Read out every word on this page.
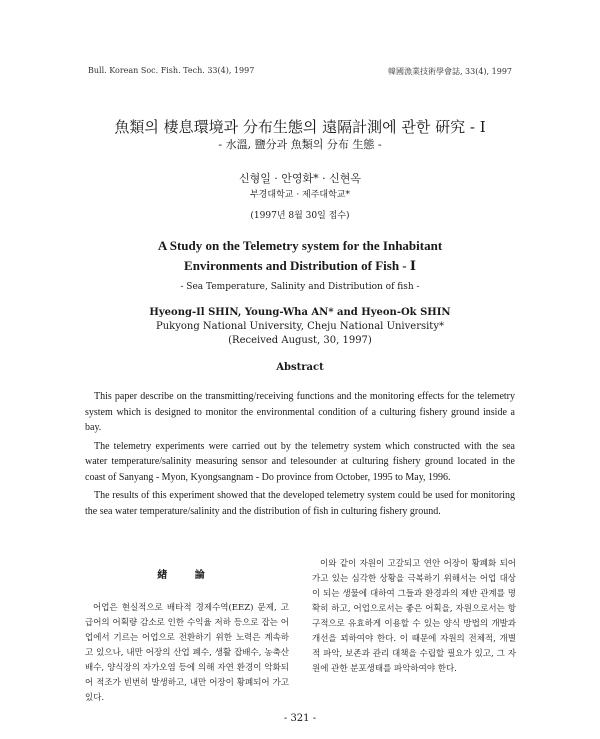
Bull. Korean Soc. Fish. Tech. 33(4), 1997	韓國漁業技術學會誌, 33(4), 1997
魚類의 棲息環境과 分布生態의 遠隔計測에 관한 硏究 - Ⅰ
- 水溫, 鹽分과 魚類의 分布 生態 -
신형일 · 안영화* · 신현옥
부경대학교 · 제주대학교*
(1997년 8월 30일 접수)
A Study on the Telemetry system for the Inhabitant
Environments and Distribution of Fish - Ⅰ
- Sea Temperature, Salinity and Distribution of fish -
Hyeong-Il SHIN, Young-Wha AN* and Hyeon-Ok SHIN
Pukyong National University, Cheju National University*
(Received August, 30, 1997)
Abstract

This paper describe on the transmitting/receiving functions and the monitoring effects for the telemetry system which is designed to monitor the environmental condition of a culturing fishery ground inside a bay.

The telemetry experiments were carried out by the telemetry system which constructed with the sea water temperature/salinity measuring sensor and telesounder at culturing fishery ground located in the coast of Sanyang - Myon, Kyongsangnam - Do province from October, 1995 to May, 1996.

The results of this experiment showed that the developed telemetry system could be used for monitoring the sea water temperature/salinity and the distribution of fish in culturing fishery ground.

緖 論

어업은 현실적으로 배타적 경제수역(EEZ) 문제, 고급어의 어획량 감소로 인한 수익율 저하 등으로 잡는 어업에서 기르는 어업으로 전환하기 위한 노력은 계속하고 있으나, 내만 어장의 산업 폐수, 생활 잡배수, 농축산 배수, 양식장의 자가오염 등에 의해 자연 환경이 악화되어 적조가 빈번히 발생하고, 내만 어장이 황폐되어 가고 있다.

이와 같이 자원이 고갈되고 연안 어장이 황폐화 되어 가고 있는 심각한 상황을 극복하기 위해서는 어업 대상이 되는 생물에 대하여 그들과 환경과의 제반 관계를 명확히 하고, 어업으로서는 좋은 어획을, 자원으로서는 항구적으로 유효하게 이용할 수 있는 양식 방법의 개발과 개선을 꾀하여야 한다. 이 때문에 자원의 전체적, 개별적 파악, 보존과 관리 대책을 수립할 필요가 있고, 그 자원에 관한 분포생태를 파악하여야 한다.

- 321 -
